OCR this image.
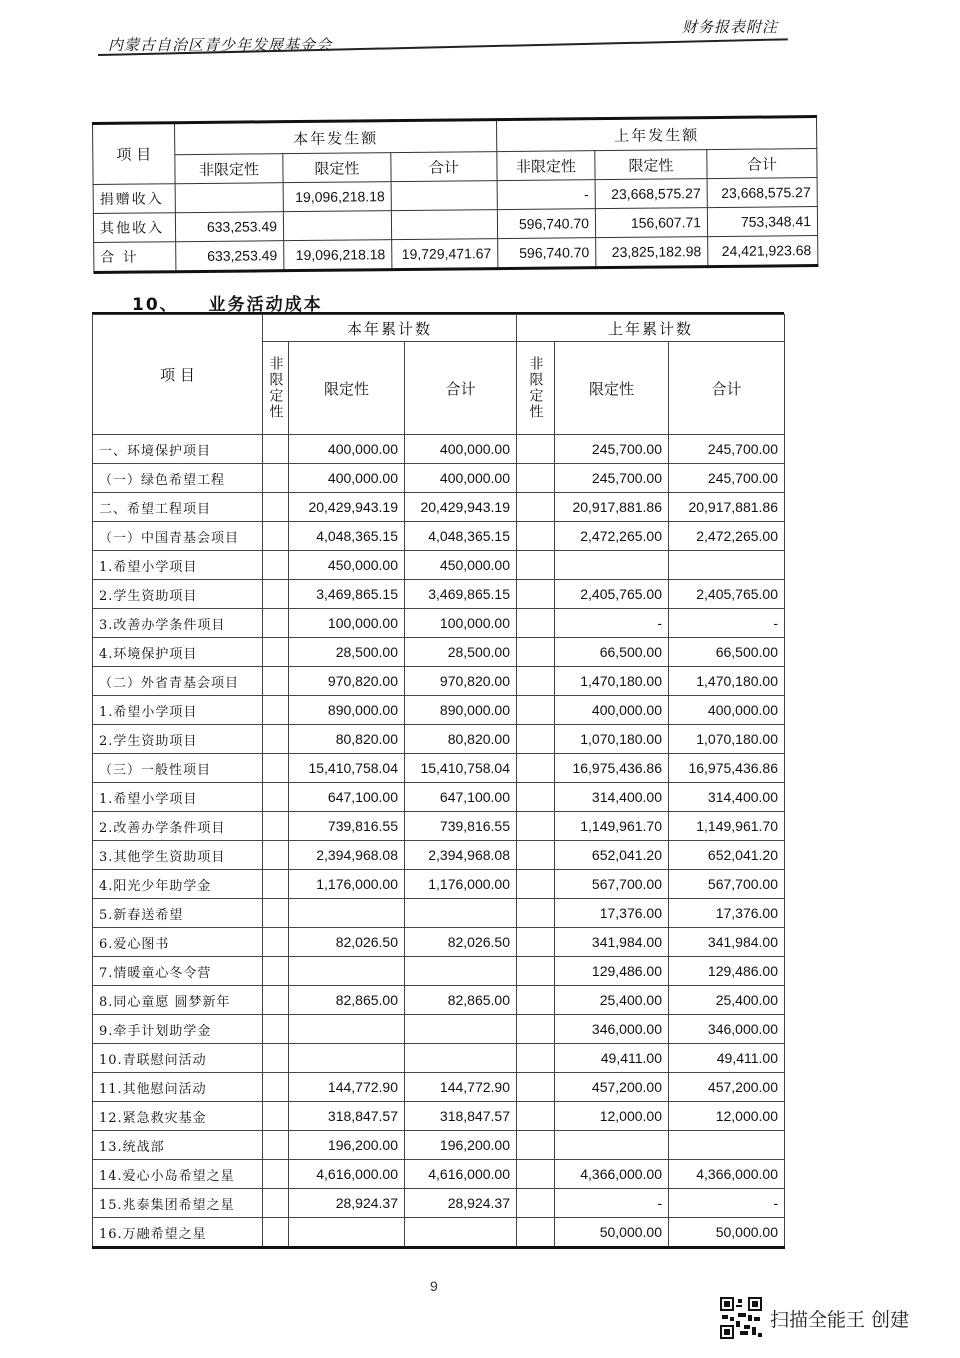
内蒙古自治区青少年发展基金会
财务报表附注
项 目	本年发生额			上年发生额		
	非限定性	限定性	合计	非限定性	限定性	合计
捐赠收入		19,096,218.18		-	23,668,575.27	23,668,575.27
其他收入	633,253.49			596,740.70	156,607.71	753,348.41
合 计	633,253.49	19,096,218.18	19,729,471.67	596,740.70	23,825,182.98	24,421,923.68
10、 业务活动成本
项 目	本年累计数			上年累计数		
	非限定性	限定性	合计	非限定性	限定性	合计
一、环境保护项目		400,000.00	400,000.00		245,700.00	245,700.00
（一）绿色希望工程		400,000.00	400,000.00		245,700.00	245,700.00
二、希望工程项目		20,429,943.19	20,429,943.19		20,917,881.86	20,917,881.86
（一）中国青基会项目		4,048,365.15	4,048,365.15		2,472,265.00	2,472,265.00
1.希望小学项目		450,000.00	450,000.00			
2.学生资助项目		3,469,865.15	3,469,865.15		2,405,765.00	2,405,765.00
3.改善办学条件项目		100,000.00	100,000.00		-	-
4.环境保护项目		28,500.00	28,500.00		66,500.00	66,500.00
（二）外省青基会项目		970,820.00	970,820.00		1,470,180.00	1,470,180.00
1.希望小学项目		890,000.00	890,000.00		400,000.00	400,000.00
2.学生资助项目		80,820.00	80,820.00		1,070,180.00	1,070,180.00
（三）一般性项目		15,410,758.04	15,410,758.04		16,975,436.86	16,975,436.86
1.希望小学项目		647,100.00	647,100.00		314,400.00	314,400.00
2.改善办学条件项目		739,816.55	739,816.55		1,149,961.70	1,149,961.70
3.其他学生资助项目		2,394,968.08	2,394,968.08		652,041.20	652,041.20
4.阳光少年助学金		1,176,000.00	1,176,000.00		567,700.00	567,700.00
5.新春送希望					17,376.00	17,376.00
6.爱心图书		82,026.50	82,026.50		341,984.00	341,984.00
7.情暖童心冬令营					129,486.00	129,486.00
8.同心童愿 圆梦新年		82,865.00	82,865.00		25,400.00	25,400.00
9.牵手计划助学金					346,000.00	346,000.00
10.青联慰问活动					49,411.00	49,411.00
11.其他慰问活动		144,772.90	144,772.90		457,200.00	457,200.00
12.紧急救灾基金		318,847.57	318,847.57		12,000.00	12,000.00
13.统战部		196,200.00	196,200.00			
14.爱心小岛希望之星		4,616,000.00	4,616,000.00		4,366,000.00	4,366,000.00
15.兆泰集团希望之星		28,924.37	28,924.37		-	-
16.万融希望之星					50,000.00	50,000.00
9
扫描全能王 创建
